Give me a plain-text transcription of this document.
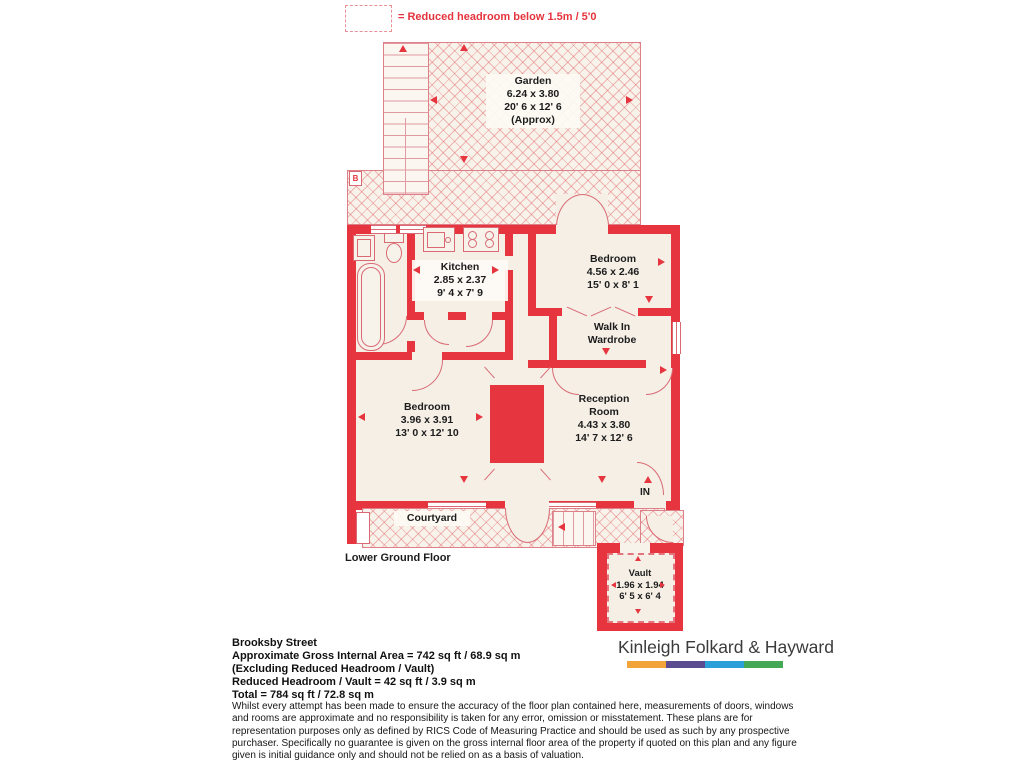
= Reduced headroom below 1.5m / 5'0
B
Garden
6.24 x 3.80
20' 6 x 12' 6
(Approx)
Kitchen
2.85 x 2.37
9' 4 x 7' 9
Bedroom
4.56 x 2.46
15' 0 x 8' 1
Walk In Wardrobe
Bedroom
3.96 x 3.91
13' 0 x 12' 10
Reception Room
4.43 x 3.80
14' 7 x 12' 6
Courtyard
IN
Vault
1.96 x 1.94
6' 5 x 6' 4
Lower Ground Floor
Brooksby Street
Approximate Gross Internal Area = 742 sq ft / 68.9 sq m
(Excluding Reduced Headroom / Vault)
Reduced Headroom / Vault = 42 sq ft / 3.9 sq m
Total = 784 sq ft / 72.8 sq m
Whilst every attempt has been made to ensure the accuracy of the floor plan contained here, measurements of doors, windows and rooms are approximate and no responsibility is taken for any error, omission or misstatement. These plans are for representation purposes only as defined by RICS Code of Measuring Practice and should be used as such by any prospective purchaser. Specifically no guarantee is given on the gross internal floor area of the property if quoted on this plan and any figure given is initial guidance only and should not be relied on as a basis of valuation.
Kinleigh Folkard & Hayward
